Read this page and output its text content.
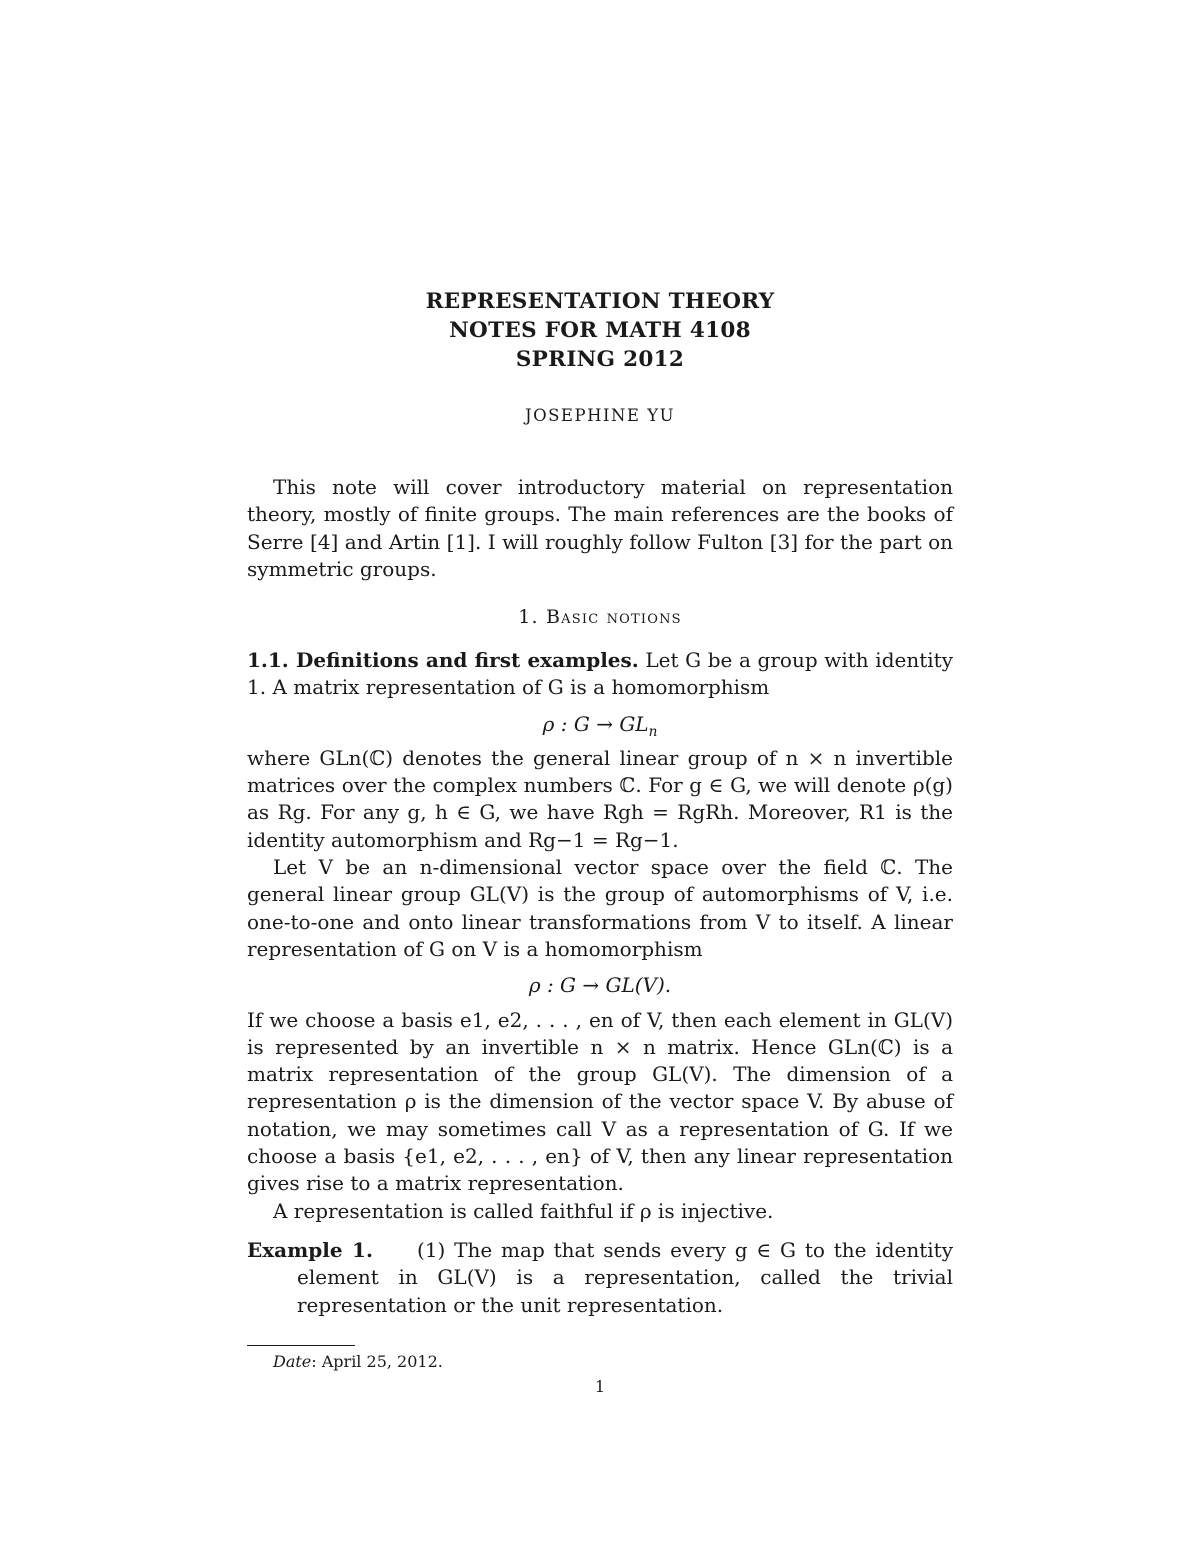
REPRESENTATION THEORY
NOTES FOR MATH 4108
SPRING 2012
JOSEPHINE YU

This note will cover introductory material on representation theory, mostly of finite groups. The main references are the books of Serre [4] and Artin [1]. I will roughly follow Fulton [3] for the part on symmetric groups.

1. Basic notions

1.1. Definitions and first examples. Let G be a group with identity 1. A matrix representation of G is a homomorphism

ρ : $G \to GL_n$

where GLn(ℂ) denotes the general linear group of n × n invertible matrices over the complex numbers ℂ. For g ∈ G, we will denote ρ(g) as Rg. For any g, h ∈ G, we have Rgh = RgRh. Moreover, R1 is the identity automorphism and Rg−1 = Rg−1.

Let V be an n-dimensional vector space over the field ℂ. The general linear group GL(V) is the group of automorphisms of V, i.e. one-to-one and onto linear transformations from V to itself. A linear representation of G on V is a homomorphism

ρ : G → GL(V).

If we choose a basis e1, e2, . . . , en of V, then each element in GL(V) is represented by an invertible n × n matrix. Hence GLn(ℂ) is a matrix representation of the group GL(V). The dimension of a representation ρ is the dimension of the vector space V. By abuse of notation, we may sometimes call V as a representation of G. If we choose a basis {e1, e2, . . . , en} of V, then any linear representation gives rise to a matrix representation.

A representation is called faithful if ρ is injective.

Example 1.     (1) The map that sends every g ∈ G to the identity element in GL(V) is a representation, called the trivial representation or the unit representation.

Date: April 25, 2012.
1
